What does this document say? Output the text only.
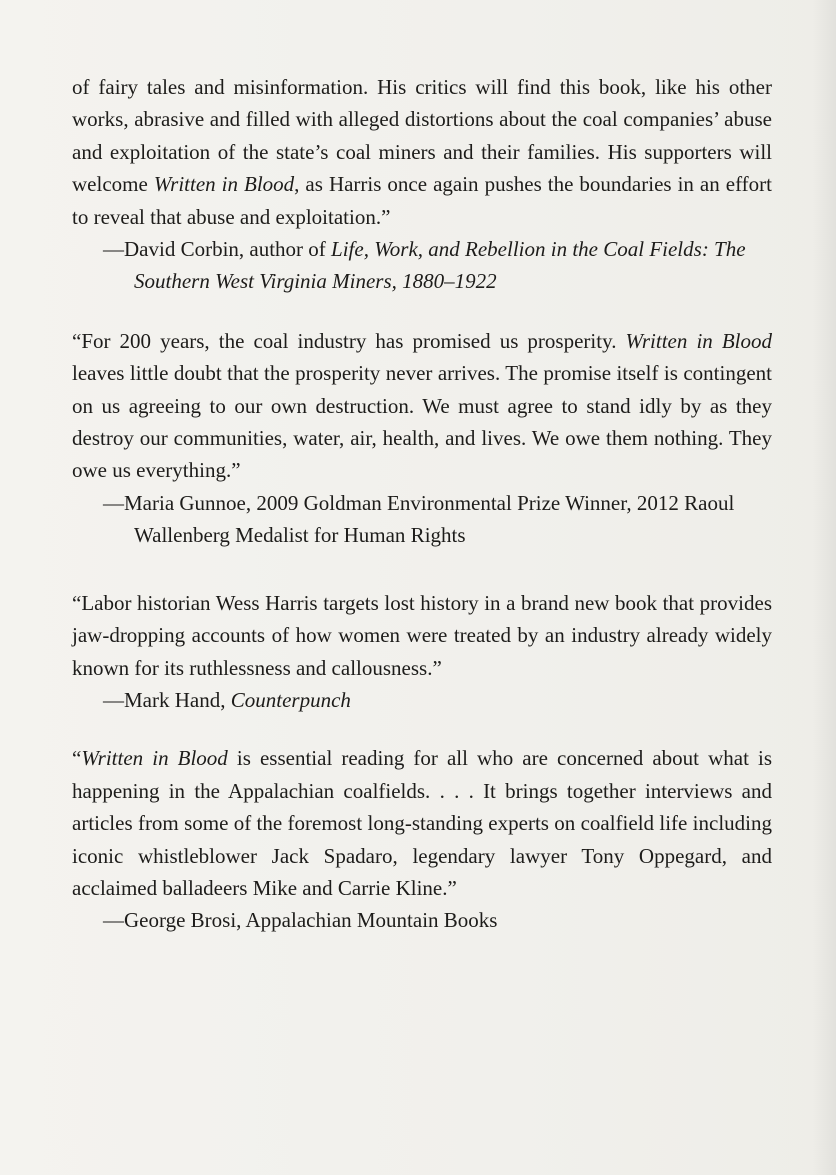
of fairy tales and misinformation. His critics will find this book, like his other works, abrasive and filled with alleged distortions about the coal companies’ abuse and exploitation of the state’s coal miners and their families. His supporters will welcome Written in Blood, as Harris once again pushes the boundaries in an effort to reveal that abuse and exploitation.”

—David Corbin, author of Life, Work, and Rebellion in the Coal Fields: The Southern West Virginia Miners, 1880–1922

“For 200 years, the coal industry has promised us prosperity. Written in Blood leaves little doubt that the prosperity never arrives. The promise itself is contingent on us agreeing to our own destruction. We must agree to stand idly by as they destroy our communities, water, air, health, and lives. We owe them nothing. They owe us everything.”

—Maria Gunnoe, 2009 Goldman Environmental Prize Winner, 2012 Raoul Wallenberg Medalist for Human Rights

“Labor historian Wess Harris targets lost history in a brand new book that provides jaw-dropping accounts of how women were treated by an industry already widely known for its ruthlessness and callousness.”

—Mark Hand, Counterpunch

“Written in Blood is essential reading for all who are concerned about what is happening in the Appalachian coalfields. . . . It brings together interviews and articles from some of the foremost long-standing experts on coalfield life including iconic whistleblower Jack Spadaro, legendary lawyer Tony Oppegard, and acclaimed balladeers Mike and Carrie Kline.”

—George Brosi, Appalachian Mountain Books
